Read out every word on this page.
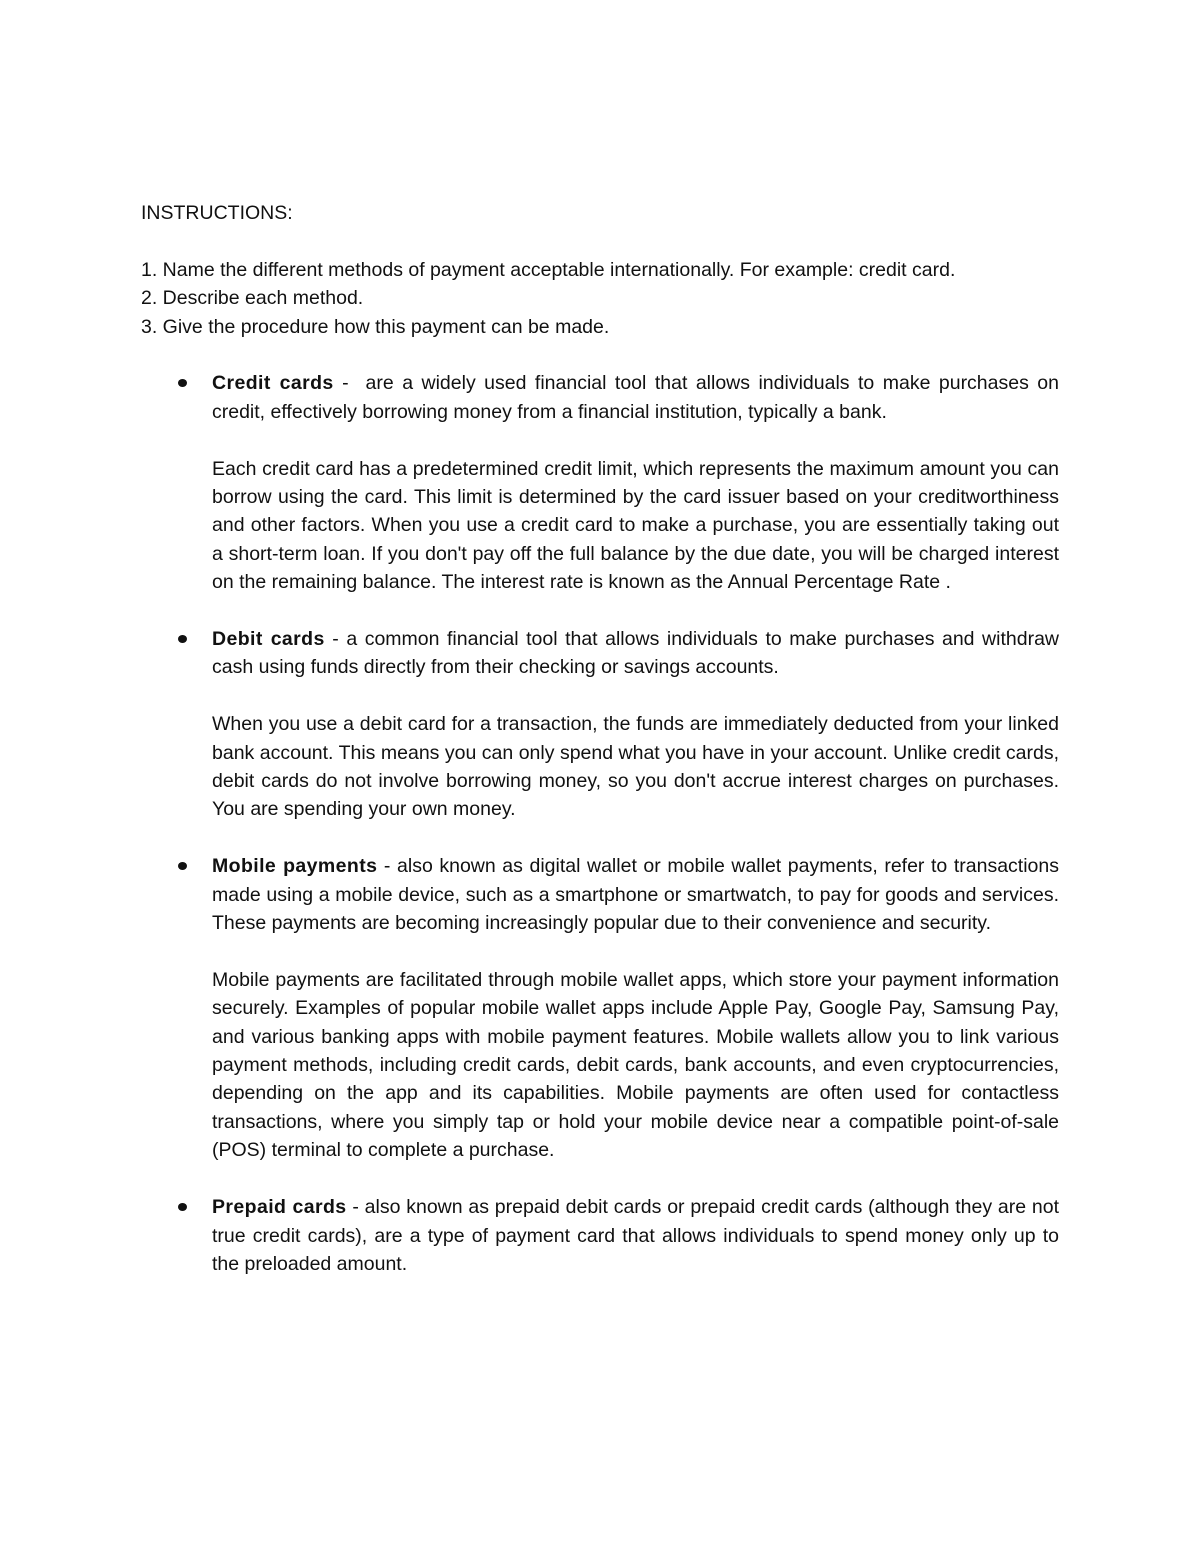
INSTRUCTIONS:
1. Name the different methods of payment acceptable internationally. For example: credit card.
2. Describe each method.
3. Give the procedure how this payment can be made.

Credit cards -  are a widely used financial tool that allows individuals to make purchases on credit, effectively borrowing money from a financial institution, typically a bank.

Each credit card has a predetermined credit limit, which represents the maximum amount you can borrow using the card. This limit is determined by the card issuer based on your creditworthiness and other factors. When you use a credit card to make a purchase, you are essentially taking out a short-term loan. If you don't pay off the full balance by the due date, you will be charged interest on the remaining balance. The interest rate is known as the Annual Percentage Rate .

Debit cards - a common financial tool that allows individuals to make purchases and withdraw cash using funds directly from their checking or savings accounts.

When you use a debit card for a transaction, the funds are immediately deducted from your linked bank account. This means you can only spend what you have in your account. Unlike credit cards, debit cards do not involve borrowing money, so you don't accrue interest charges on purchases. You are spending your own money.

Mobile payments - also known as digital wallet or mobile wallet payments, refer to transactions made using a mobile device, such as a smartphone or smartwatch, to pay for goods and services. These payments are becoming increasingly popular due to their convenience and security.

Mobile payments are facilitated through mobile wallet apps, which store your payment information securely. Examples of popular mobile wallet apps include Apple Pay, Google Pay, Samsung Pay, and various banking apps with mobile payment features. Mobile wallets allow you to link various payment methods, including credit cards, debit cards, bank accounts, and even cryptocurrencies, depending on the app and its capabilities. Mobile payments are often used for contactless transactions, where you simply tap or hold your mobile device near a compatible point-of-sale (POS) terminal to complete a purchase.

Prepaid cards - also known as prepaid debit cards or prepaid credit cards (although they are not true credit cards), are a type of payment card that allows individuals to spend money only up to the preloaded amount.
